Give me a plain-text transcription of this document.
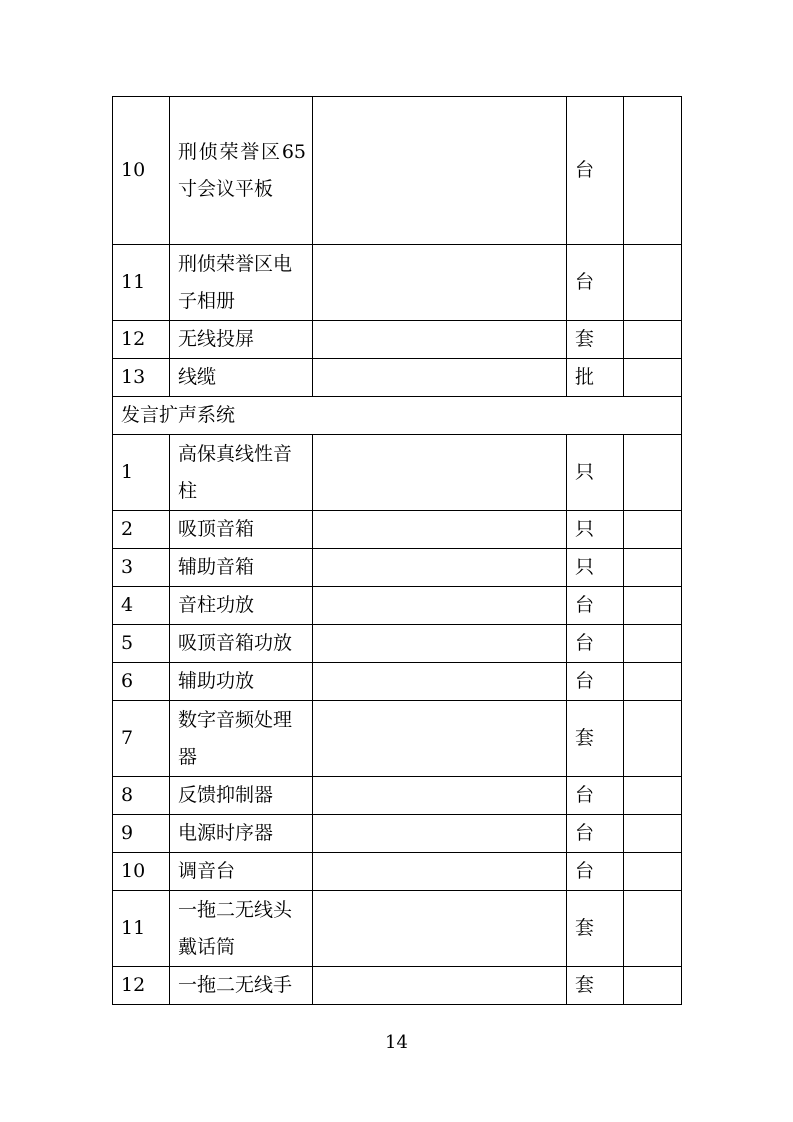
10	刑侦荣誉区65寸会议平板		台	
11	刑侦荣誉区电子相册		台	
12	无线投屏		套	
13	线缆		批	
发言扩声系统				
1	高保真线性音柱		只	
2	吸顶音箱		只	
3	辅助音箱		只	
4	音柱功放		台	
5	吸顶音箱功放		台	
6	辅助功放		台	
7	数字音频处理器		套	
8	反馈抑制器		台	
9	电源时序器		台	
10	调音台		台	
11	一拖二无线头戴话筒		套	
12	一拖二无线手		套	
14
